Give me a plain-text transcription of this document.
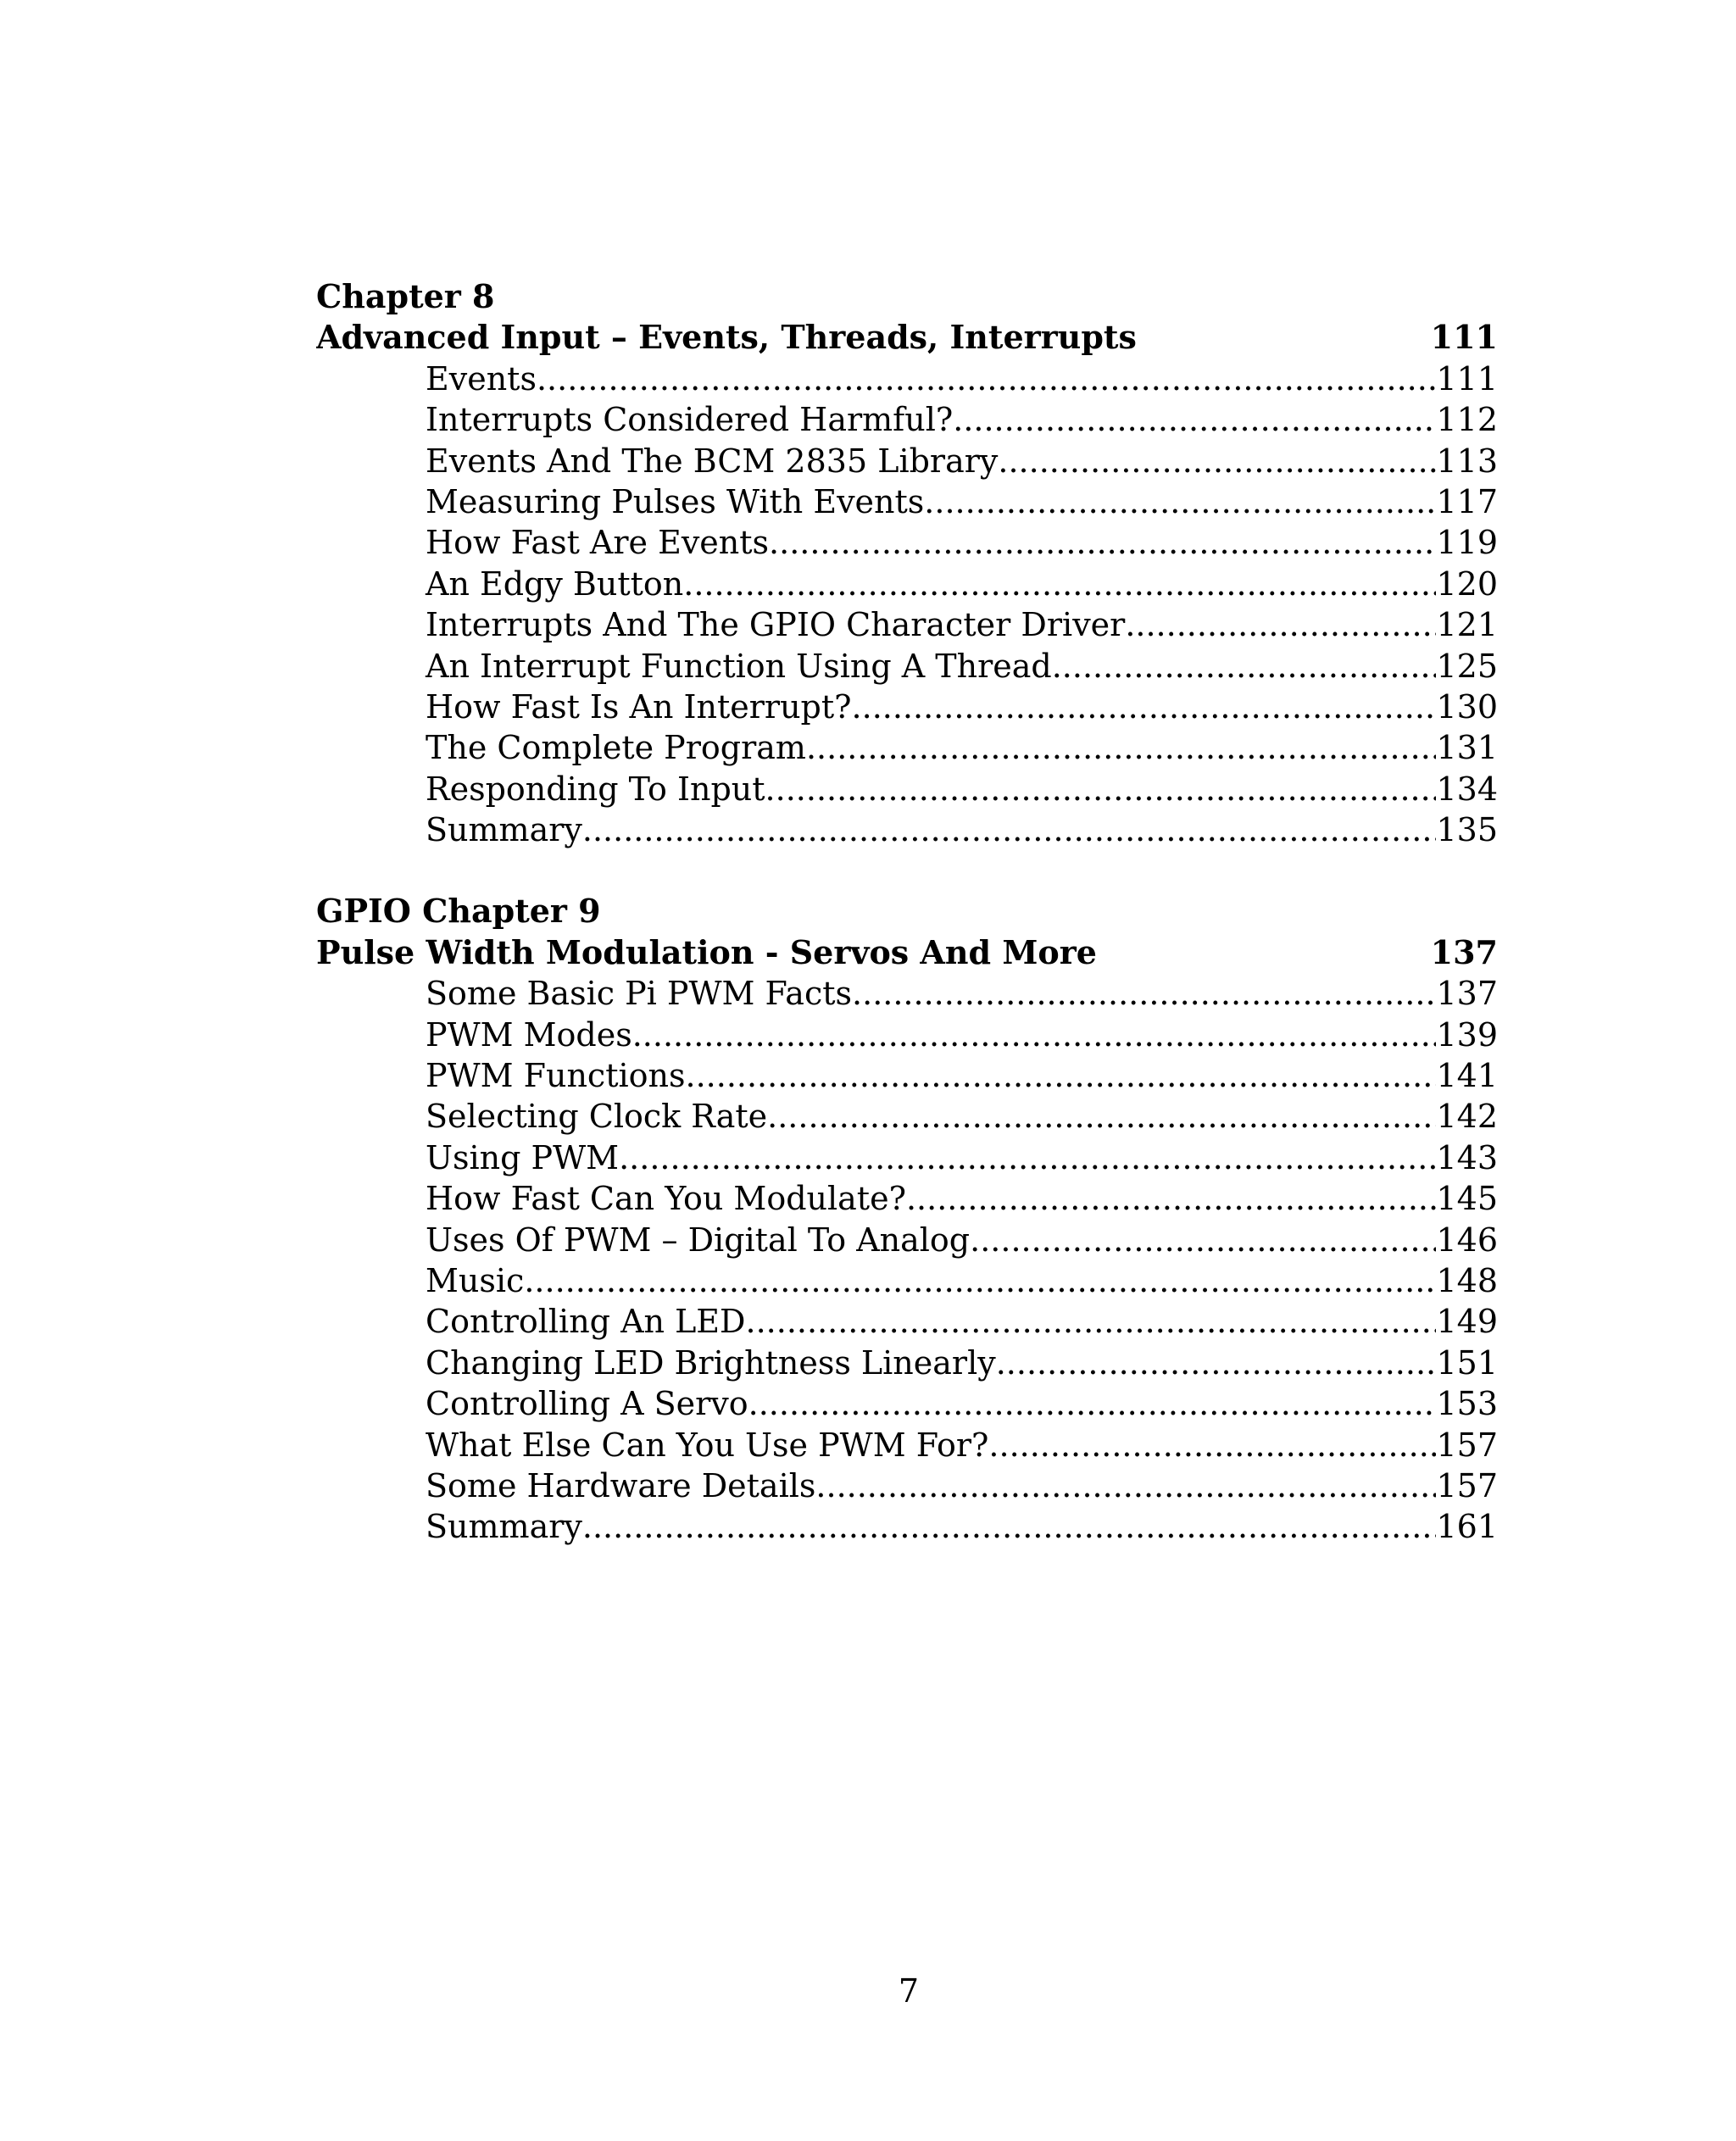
Chapter 8
Advanced Input – Events, Threads, Interrupts	111
Events .....	111
Interrupts Considered Harmful? .....	112
Events And The BCM 2835 Library .....	113
Measuring Pulses With Events .....	117
How Fast Are Events .....	119
An Edgy Button .....	120
Interrupts And The GPIO Character Driver .....	121
An Interrupt Function Using A Thread .....	125
How Fast Is An Interrupt? .....	130
The Complete Program .....	131
Responding To Input .....	134
Summary .....	135
GPIO Chapter 9
Pulse Width Modulation - Servos And More	137
Some Basic Pi PWM Facts .....	137
PWM Modes .....	139
PWM Functions .....	141
Selecting Clock Rate .....	142
Using PWM .....	143
How Fast Can You Modulate? .....	145
Uses Of PWM – Digital To Analog .....	146
Music .....	148
Controlling An LED .....	149
Changing LED Brightness Linearly .....	151
Controlling A Servo .....	153
What Else Can You Use PWM For? .....	157
Some Hardware Details .....	157
Summary .....	161
7
